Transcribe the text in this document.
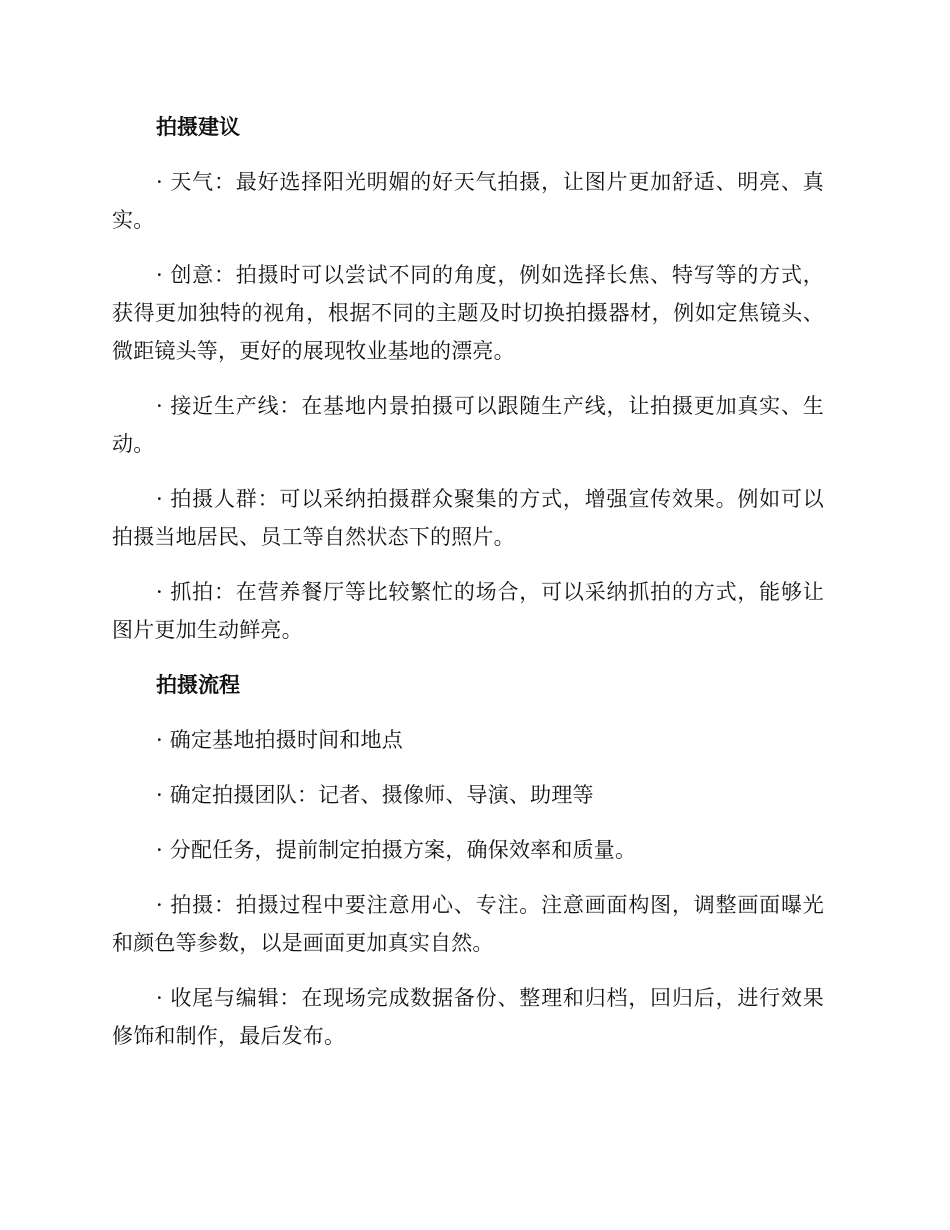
拍摄建议

· 天气：最好选择阳光明媚的好天气拍摄，让图片更加舒适、明亮、真实。

· 创意：拍摄时可以尝试不同的角度，例如选择长焦、特写等的方式，获得更加独特的视角，根据不同的主题及时切换拍摄器材，例如定焦镜头、微距镜头等，更好的展现牧业基地的漂亮。

· 接近生产线：在基地内景拍摄可以跟随生产线，让拍摄更加真实、生动。

· 拍摄人群：可以采纳拍摄群众聚集的方式，增强宣传效果。例如可以拍摄当地居民、员工等自然状态下的照片。

· 抓拍：在营养餐厅等比较繁忙的场合，可以采纳抓拍的方式，能够让图片更加生动鲜亮。

拍摄流程

· 确定基地拍摄时间和地点

· 确定拍摄团队：记者、摄像师、导演、助理等

· 分配任务，提前制定拍摄方案，确保效率和质量。

· 拍摄：拍摄过程中要注意用心、专注。注意画面构图，调整画面曝光和颜色等参数，以是画面更加真实自然。

· 收尾与编辑：在现场完成数据备份、整理和归档，回归后，进行效果修饰和制作，最后发布。
